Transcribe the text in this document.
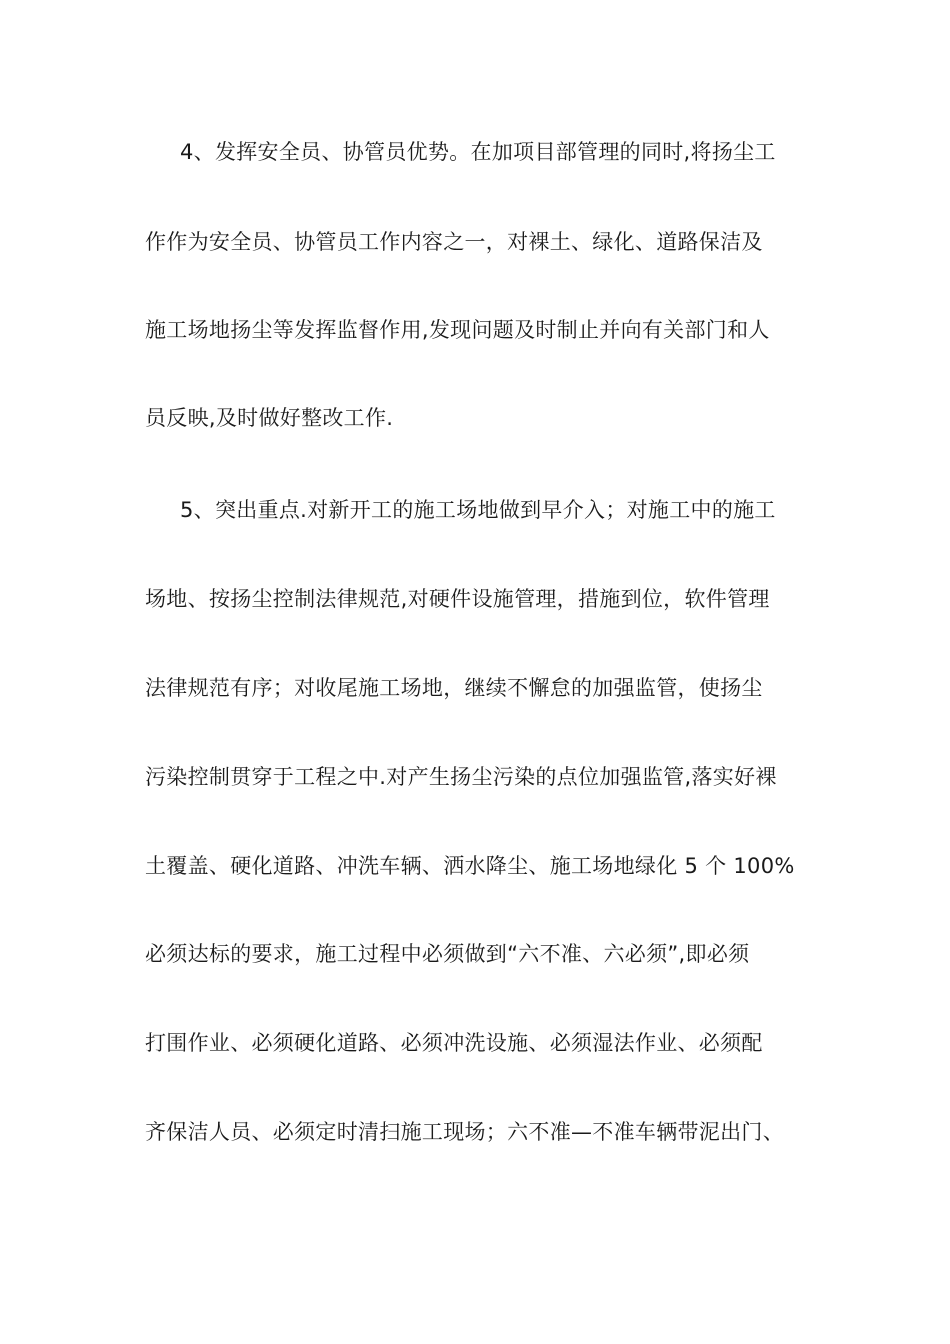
4、发挥安全员、协管员优势。在加项目部管理的同时,将扬尘工
作作为安全员、协管员工作内容之一，对裸土、绿化、道路保洁及
施工场地扬尘等发挥监督作用,发现问题及时制止并向有关部门和人
员反映,及时做好整改工作.
5、突出重点.对新开工的施工场地做到早介入；对施工中的施工
场地、按扬尘控制法律规范,对硬件设施管理，措施到位，软件管理
法律规范有序；对收尾施工场地，继续不懈怠的加强监管，使扬尘
污染控制贯穿于工程之中.对产生扬尘污染的点位加强监管,落实好裸
土覆盖、硬化道路、冲洗车辆、洒水降尘、施工场地绿化 5 个 100%
必须达标的要求，施工过程中必须做到“六不准、六必须”,即必须
打围作业、必须硬化道路、必须冲洗设施、必须湿法作业、必须配
齐保洁人员、必须定时清扫施工现场；六不准—不准车辆带泥出门、
